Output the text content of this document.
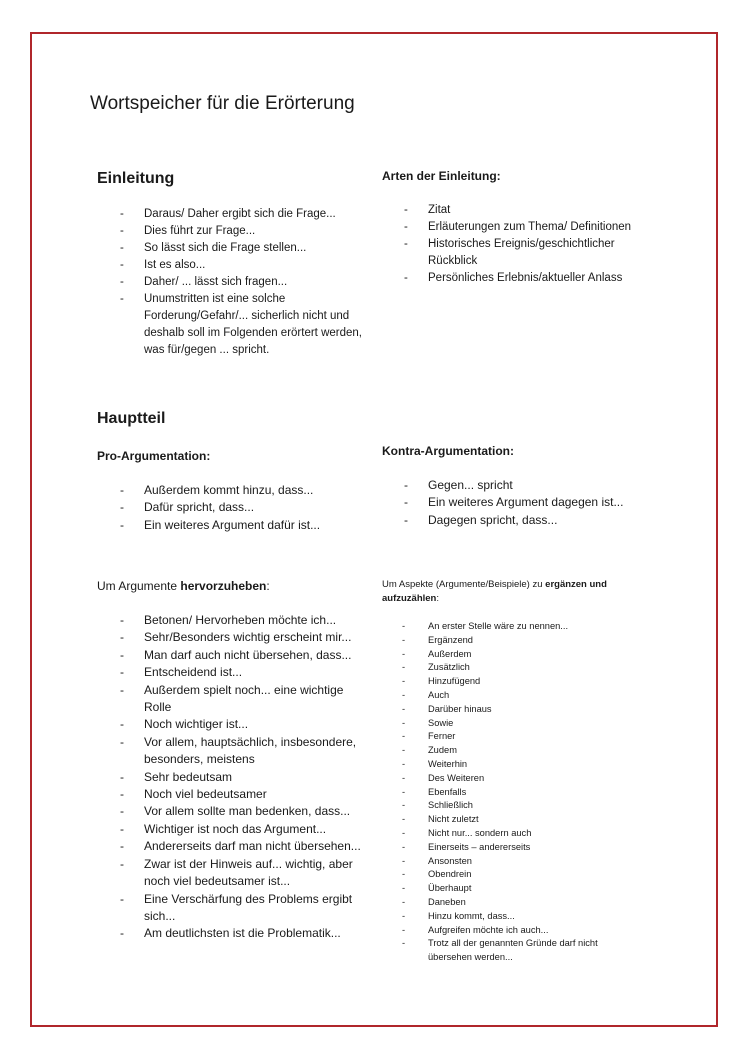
Wortspeicher für die Erörterung
Einleitung
- Daraus/ Daher ergibt sich die Frage...
- Dies führt zur Frage...
- So lässt sich die Frage stellen...
- Ist es also...
- Daher/ ... lässt sich fragen...
- Unumstritten ist eine solche Forderung/Gefahr/... sicherlich nicht und deshalb soll im Folgenden erörtert werden, was für/gegen ... spricht.
Arten der Einleitung:
- Zitat
- Erläuterungen zum Thema/ Definitionen
- Historisches Ereignis/geschichtlicher Rückblick
- Persönliches Erlebnis/aktueller Anlass
Hauptteil
Pro-Argumentation:
- Außerdem kommt hinzu, dass...
- Dafür spricht, dass...
- Ein weiteres Argument dafür ist...
Kontra-Argumentation:
- Gegen... spricht
- Ein weiteres Argument dagegen ist...
- Dagegen spricht, dass...

Um Argumente hervorzuheben:

- Betonen/ Hervorheben möchte ich...
- Sehr/Besonders wichtig erscheint mir...
- Man darf auch nicht übersehen, dass...
- Entscheidend ist...
- Außerdem spielt noch... eine wichtige Rolle
- Noch wichtiger ist...
- Vor allem, hauptsächlich, insbesondere, besonders, meistens
- Sehr bedeutsam
- Noch viel bedeutsamer
- Vor allem sollte man bedenken, dass...
- Wichtiger ist noch das Argument...
- Andererseits darf man nicht übersehen...
- Zwar ist der Hinweis auf... wichtig, aber noch viel bedeutsamer ist...
- Eine Verschärfung des Problems ergibt sich...
- Am deutlichsten ist die Problematik...

Um Aspekte (Argumente/Beispiele) zu ergänzen und aufzuzählen:

- An erster Stelle wäre zu nennen...
- Ergänzend
- Außerdem
- Zusätzlich
- Hinzufügend
- Auch
- Darüber hinaus
- Sowie
- Ferner
- Zudem
- Weiterhin
- Des Weiteren
- Ebenfalls
- Schließlich
- Nicht zuletzt
- Nicht nur... sondern auch
- Einerseits – andererseits
- Ansonsten
- Obendrein
- Überhaupt
- Daneben
- Hinzu kommt, dass...
- Aufgreifen möchte ich auch...
- Trotz all der genannten Gründe darf nicht übersehen werden...
